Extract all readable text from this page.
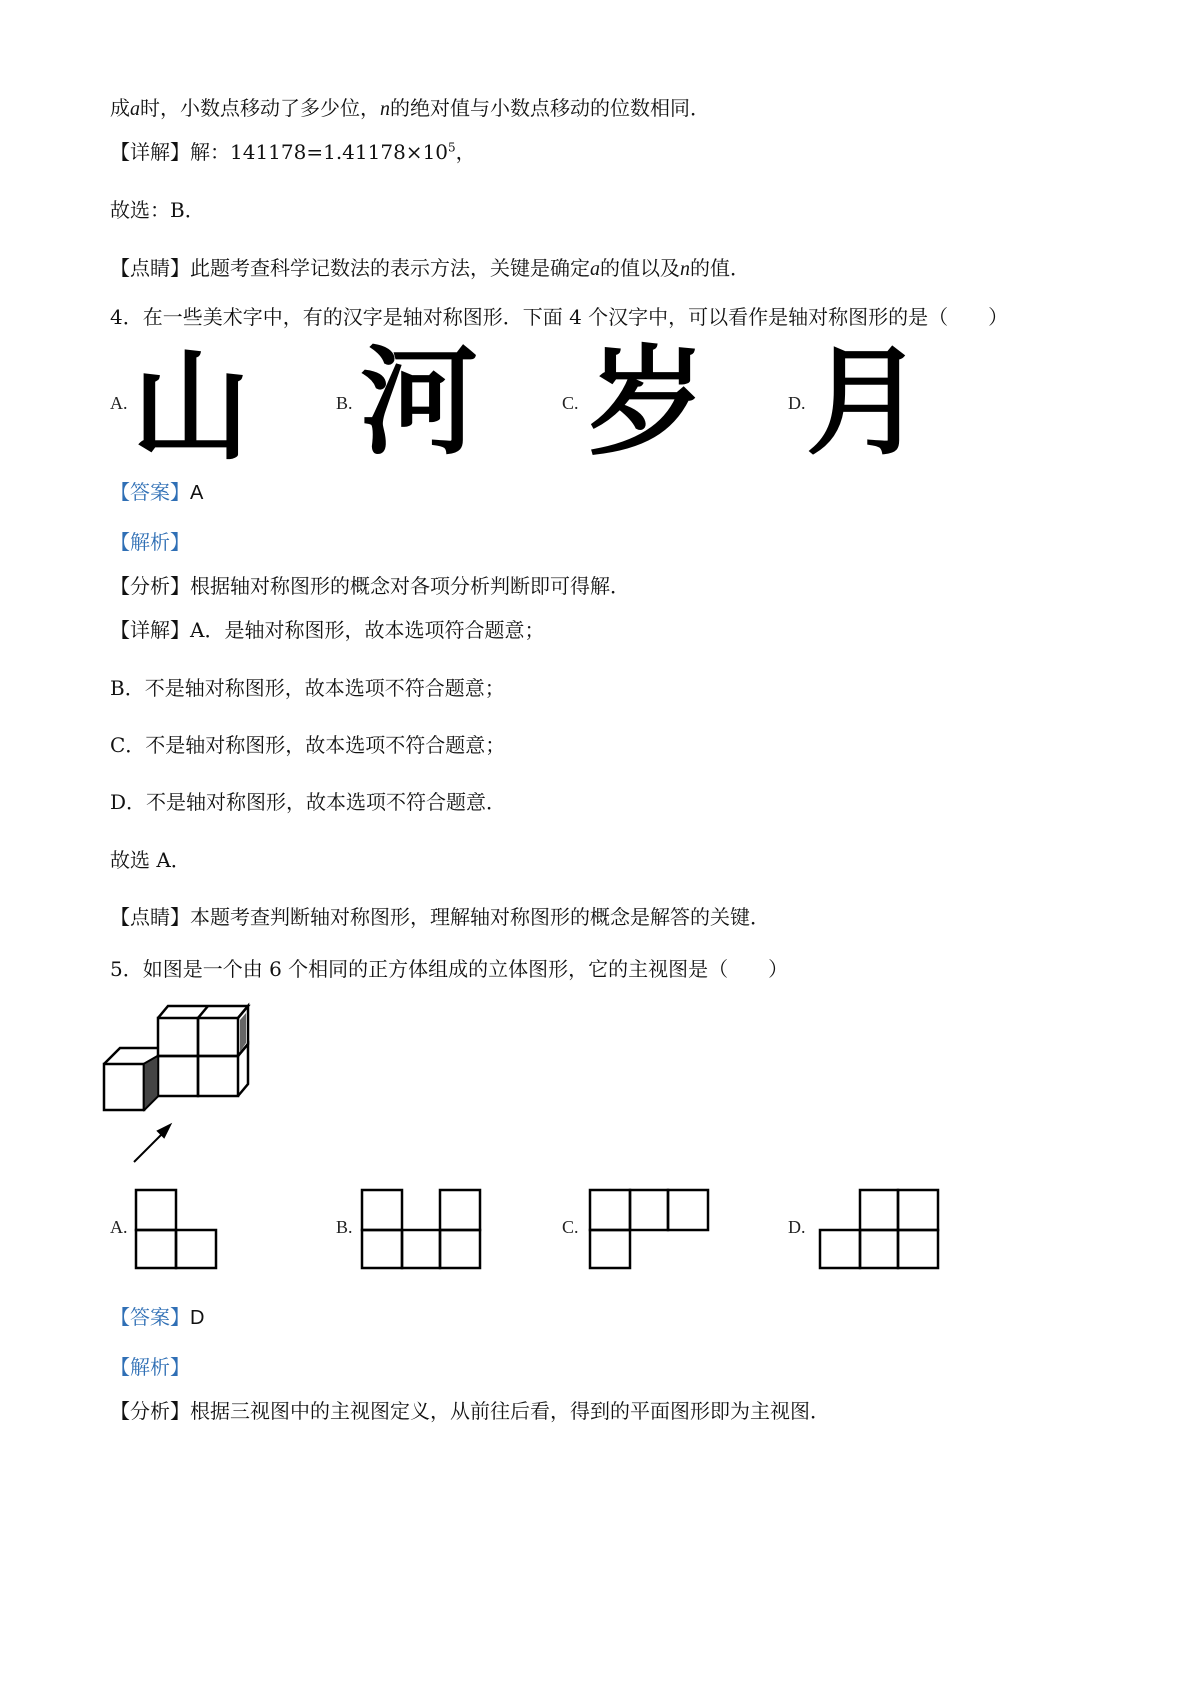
成a时，小数点移动了多少位，n的绝对值与小数点移动的位数相同．
【详解】解：$141178=1.41178\times 10^5$，
故选：B．
【点睛】此题考查科学记数法的表示方法，关键是确定a的值以及n的值．
4．在一些美术字中，有的汉字是轴对称图形．下面 4 个汉字中，可以看作是轴对称图形的是（　　）
A. 山	B. 河	C. 岁	D. 月
【答案】A
【解析】
【分析】根据轴对称图形的概念对各项分析判断即可得解．
【详解】A．是轴对称图形，故本选项符合题意；
B．不是轴对称图形，故本选项不符合题意；
C．不是轴对称图形，故本选项不符合题意；
D．不是轴对称图形，故本选项不符合题意．
故选 A．
【点睛】本题考查判断轴对称图形，理解轴对称图形的概念是解答的关键．
5．如图是一个由 6 个相同的正方体组成的立体图形，它的主视图是（　　）
A.	B.	C.	D.
【答案】D
【解析】
【分析】根据三视图中的主视图定义，从前往后看，得到的平面图形即为主视图．
